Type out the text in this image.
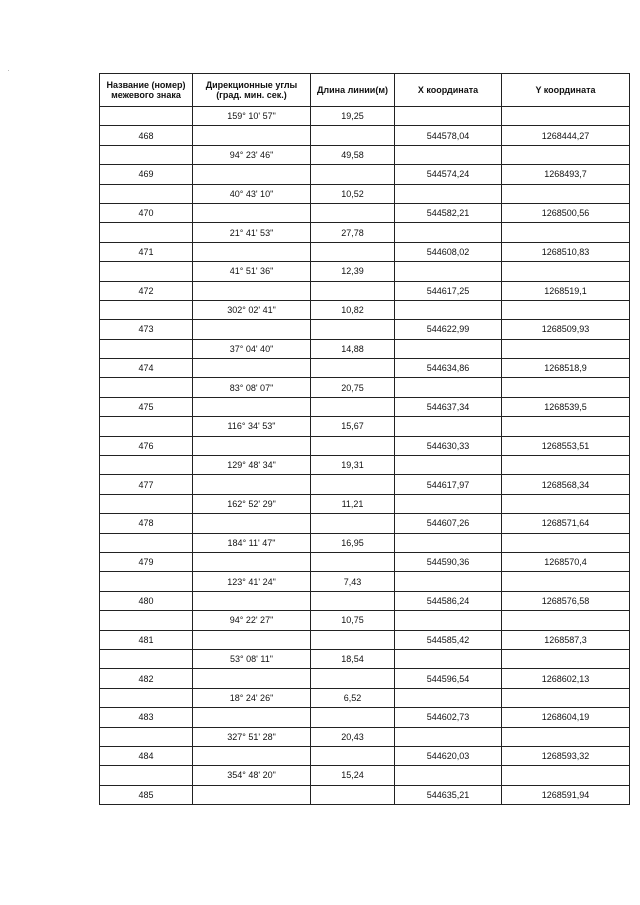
Название (номер) межевого знака	Дирекционные углы (град. мин. сек.)	Длина линии(м)	X координата	Y координата
	159° 10' 57"	19,25		
468			544578,04	1268444,27
	94° 23' 46"	49,58		
469			544574,24	1268493,7
	40° 43' 10"	10,52		
470			544582,21	1268500,56
	21° 41' 53"	27,78		
471			544608,02	1268510,83
	41° 51' 36"	12,39		
472			544617,25	1268519,1
	302° 02' 41"	10,82		
473			544622,99	1268509,93
	37° 04' 40"	14,88		
474			544634,86	1268518,9
	83° 08' 07"	20,75		
475			544637,34	1268539,5
	116° 34' 53"	15,67		
476			544630,33	1268553,51
	129° 48' 34"	19,31		
477			544617,97	1268568,34
	162° 52' 29"	11,21		
478			544607,26	1268571,64
	184° 11' 47"	16,95		
479			544590,36	1268570,4
	123° 41' 24"	7,43		
480			544586,24	1268576,58
	94° 22' 27"	10,75		
481			544585,42	1268587,3
	53° 08' 11"	18,54		
482			544596,54	1268602,13
	18° 24' 26"	6,52		
483			544602,73	1268604,19
	327° 51' 28"	20,43		
484			544620,03	1268593,32
	354° 48' 20"	15,24		
485			544635,21	1268591,94
